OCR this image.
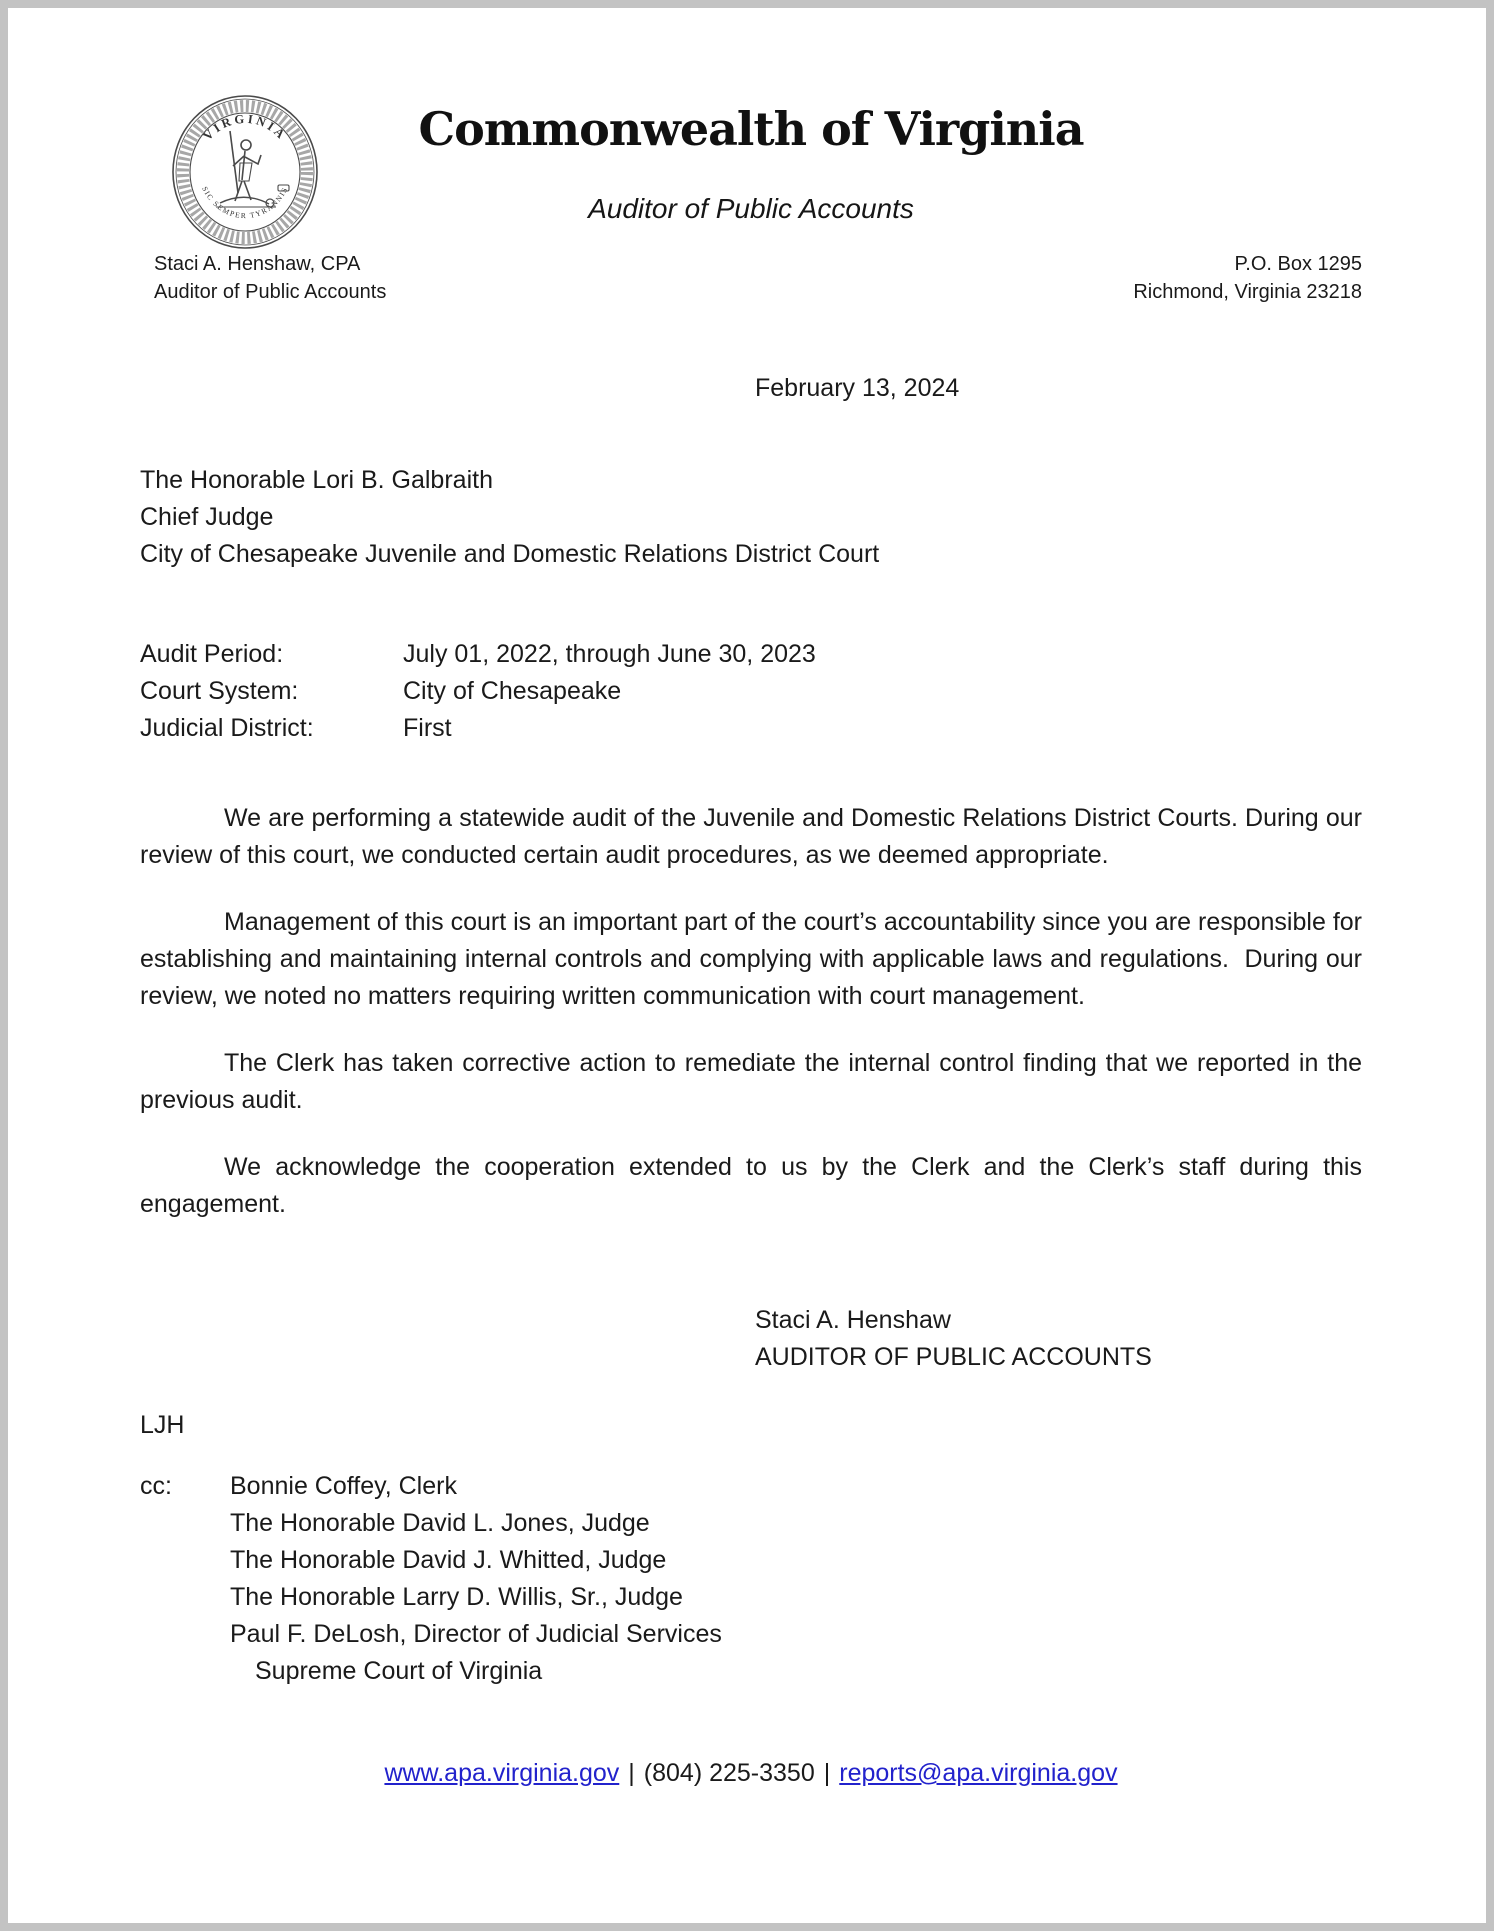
VIRGINIA
SIC SEMPER TYRANNIS
Commonwealth of Virginia
Auditor of Public Accounts
Staci A. Henshaw, CPA
Auditor of Public Accounts
P.O. Box 1295
Richmond, Virginia 23218
February 13, 2024
The Honorable Lori B. Galbraith
Chief Judge
City of Chesapeake Juvenile and Domestic Relations District Court
Audit Period:	July 01, 2022, through June 30, 2023
Court System:	City of Chesapeake
Judicial District:	First

We are performing a statewide audit of the Juvenile and Domestic Relations District Courts. During our review of this court, we conducted certain audit procedures, as we deemed appropriate.

Management of this court is an important part of the court’s accountability since you are responsible for establishing and maintaining internal controls and complying with applicable laws and regulations.  During our review, we noted no matters requiring written communication with court management.

The Clerk has taken corrective action to remediate the internal control finding that we reported in the previous audit.

We acknowledge the cooperation extended to us by the Clerk and the Clerk’s staff during this engagement.

Staci A. Henshaw
AUDITOR OF PUBLIC ACCOUNTS
LJH
cc:	Bonnie Coffey, Clerk
The Honorable David L. Jones, Judge
The Honorable David J. Whitted, Judge
The Honorable Larry D. Willis, Sr., Judge
Paul F. DeLosh, Director of Judicial Services
Supreme Court of Virginia
www.apa.virginia.gov | (804) 225-3350 | reports@apa.virginia.gov
